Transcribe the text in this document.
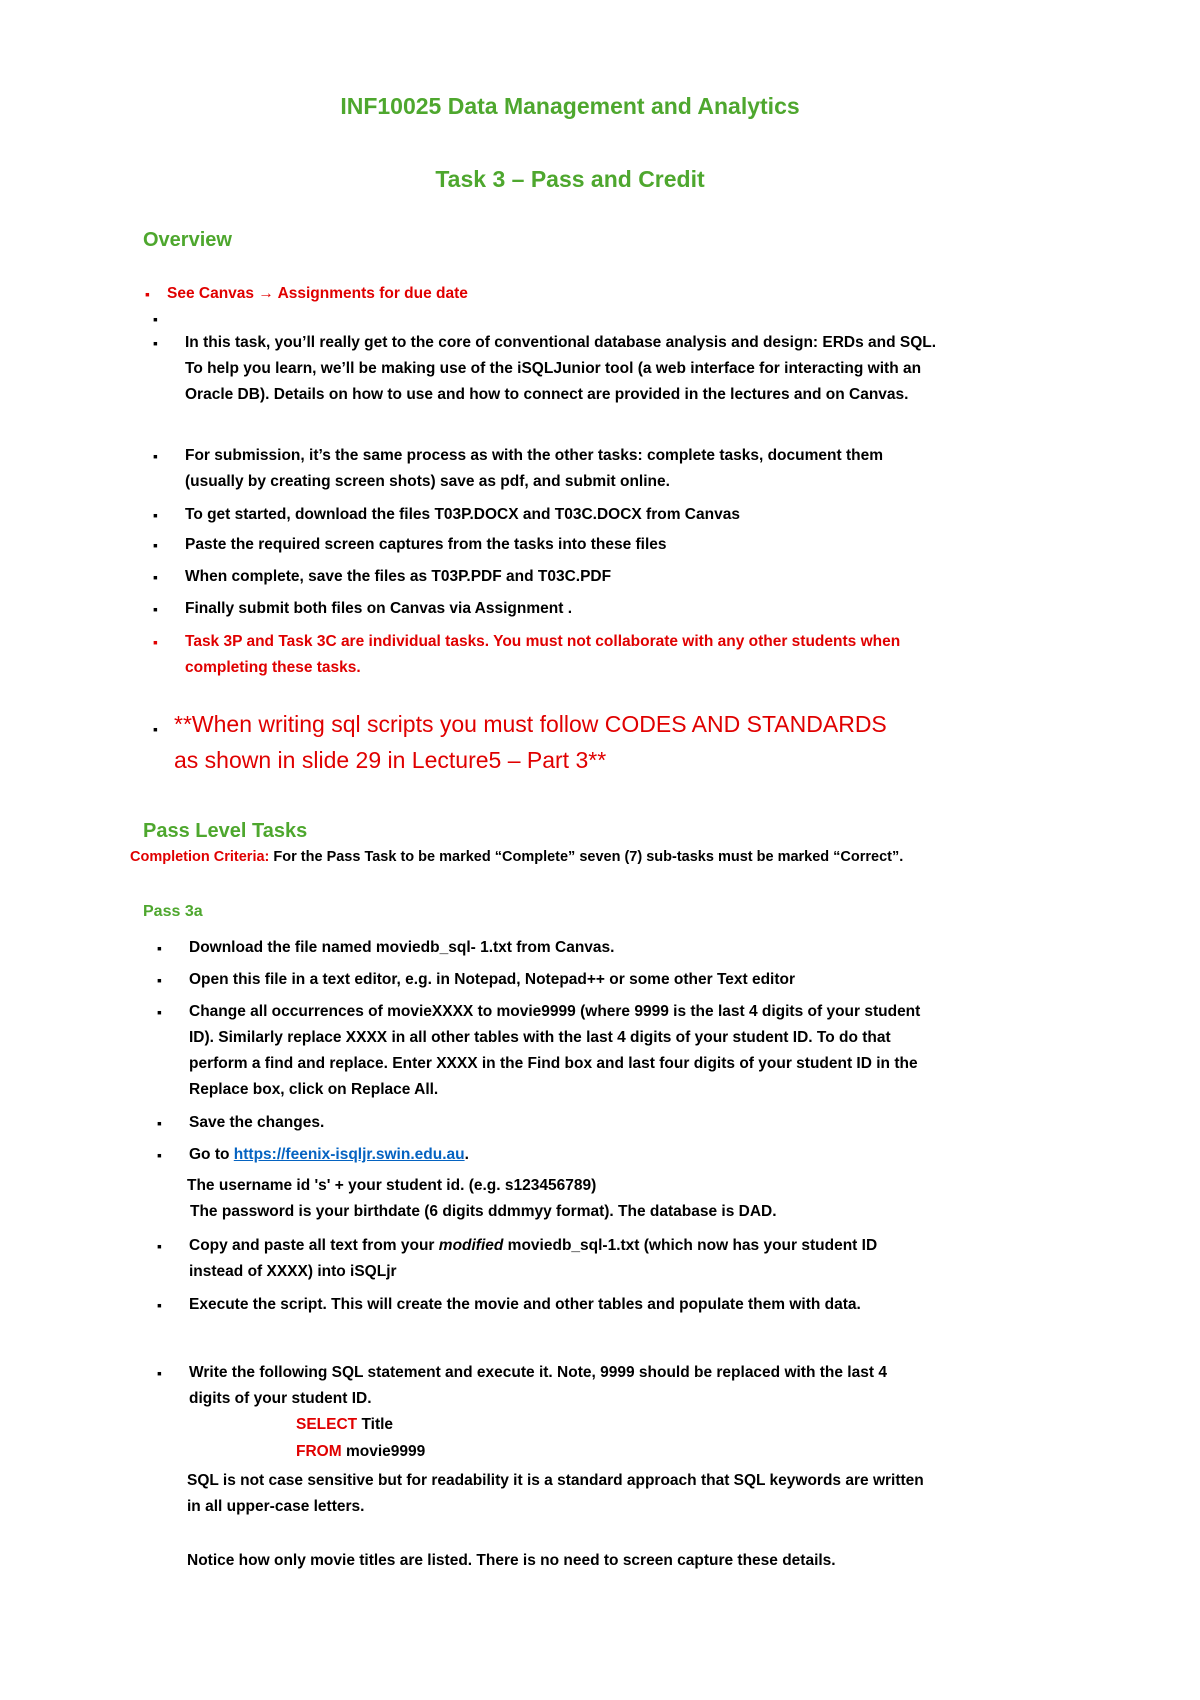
INF10025 Data Management and Analytics
Task 3 – Pass and Credit
Overview
▪ See Canvas → Assignments for due date
▪
▪ In this task, you’ll really get to the core of conventional database analysis and design: ERDs and SQL.
To help you learn, we’ll be making use of the iSQLJunior tool (a web interface for interacting with an
Oracle DB). Details on how to use and how to connect are provided in the lectures and on Canvas.
▪ For submission, it’s the same process as with the other tasks: complete tasks, document them
(usually by creating screen shots) save as pdf, and submit online.
▪ To get started, download the files T03P.DOCX and T03C.DOCX from Canvas
▪ Paste the required screen captures from the tasks into these files
▪ When complete, save the files as T03P.PDF and T03C.PDF
▪ Finally submit both files on Canvas via Assignment .
▪ Task 3P and Task 3C are individual tasks. You must not collaborate with any other students when
completing these tasks.
▪ **When writing sql scripts you must follow CODES AND STANDARDS
as shown in slide 29 in Lecture5 – Part 3**
Pass Level Tasks
Completion Criteria: For the Pass Task to be marked “Complete” seven (7) sub-tasks must be marked “Correct”.
Pass 3a
▪ Download the file named moviedb_sql- 1.txt from Canvas.
▪ Open this file in a text editor, e.g. in Notepad, Notepad++ or some other Text editor
▪ Change all occurrences of movieXXXX to movie9999 (where 9999 is the last 4 digits of your student
ID). Similarly replace XXXX in all other tables with the last 4 digits of your student ID. To do that
perform a find and replace. Enter XXXX in the Find box and last four digits of your student ID in the
Replace box, click on Replace All.
▪ Save the changes.
▪ Go to https://feenix-isqljr.swin.edu.au.
The username id 's' + your student id. (e.g. s123456789)
The password is your birthdate (6 digits ddmmyy format). The database is DAD.
▪ Copy and paste all text from your modified moviedb_sql-1.txt (which now has your student ID
instead of XXXX) into iSQLjr
▪ Execute the script. This will create the movie and other tables and populate them with data.
▪ Write the following SQL statement and execute it. Note, 9999 should be replaced with the last 4
digits of your student ID.
SELECT Title
FROM movie9999
SQL is not case sensitive but for readability it is a standard approach that SQL keywords are written
in all upper-case letters.
Notice how only movie titles are listed. There is no need to screen capture these details.
